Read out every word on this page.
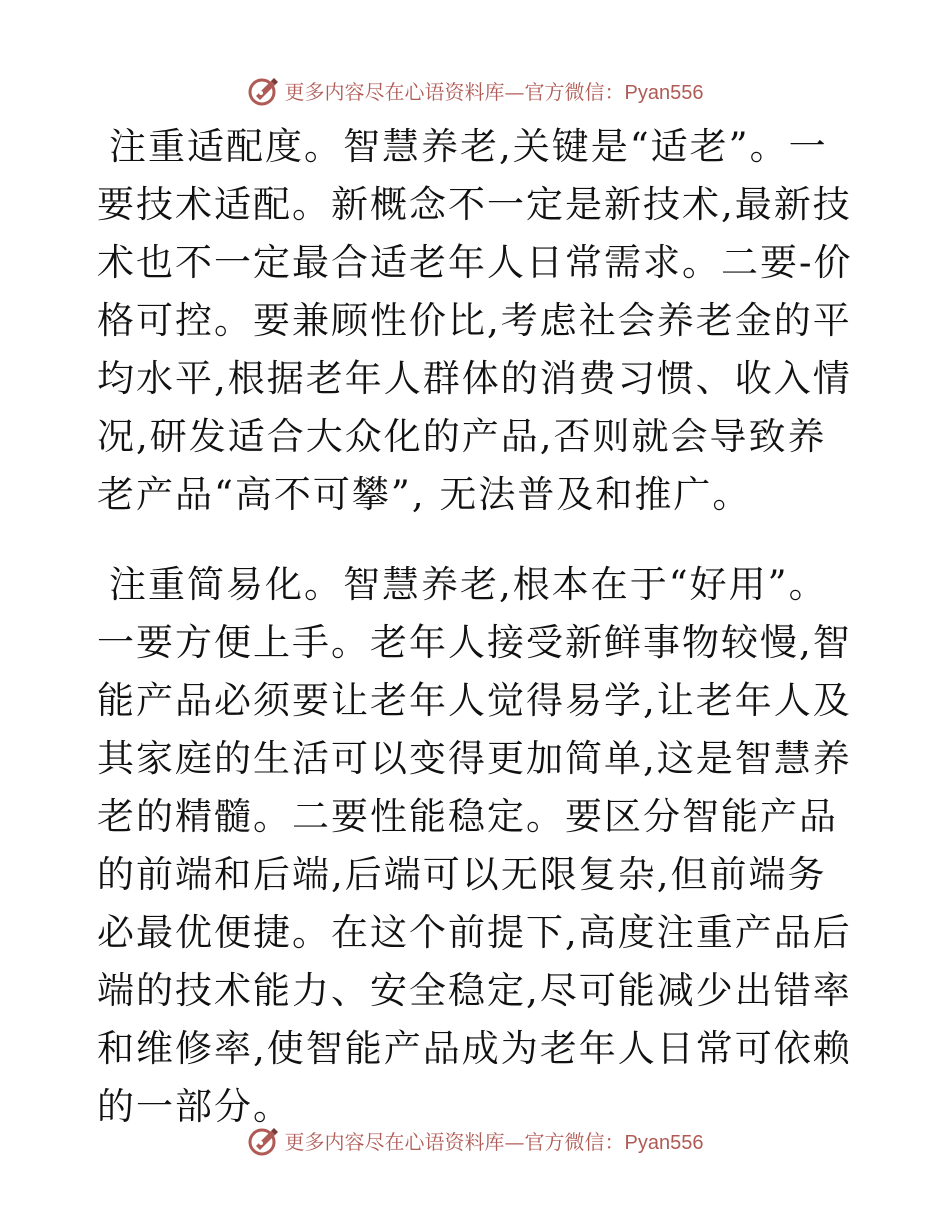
更多内容尽在心语资料库—官方微信：Pyan556

注重适配度。智慧养老,关键是“适老”。一要技术适配。新概念不一定是新技术,最新技术也不一定最合适老年人日常需求。二要-价格可控。要兼顾性价比,考虑社会养老金的平均水平,根据老年人群体的消费习惯、收入情况,研发适合大众化的产品,否则就会导致养老产品“高不可攀”, 无法普及和推广。

注重简易化。智慧养老,根本在于“好用”。一要方便上手。老年人接受新鲜事物较慢,智能产品必须要让老年人觉得易学,让老年人及其家庭的生活可以变得更加简单,这是智慧养老的精髓。二要性能稳定。要区分智能产品的前端和后端,后端可以无限复杂,但前端务必最优便捷。在这个前提下,高度注重产品后端的技术能力、安全稳定,尽可能减少出错率和维修率,使智能产品成为老年人日常可依赖的一部分。

更多内容尽在心语资料库—官方微信：Pyan556
